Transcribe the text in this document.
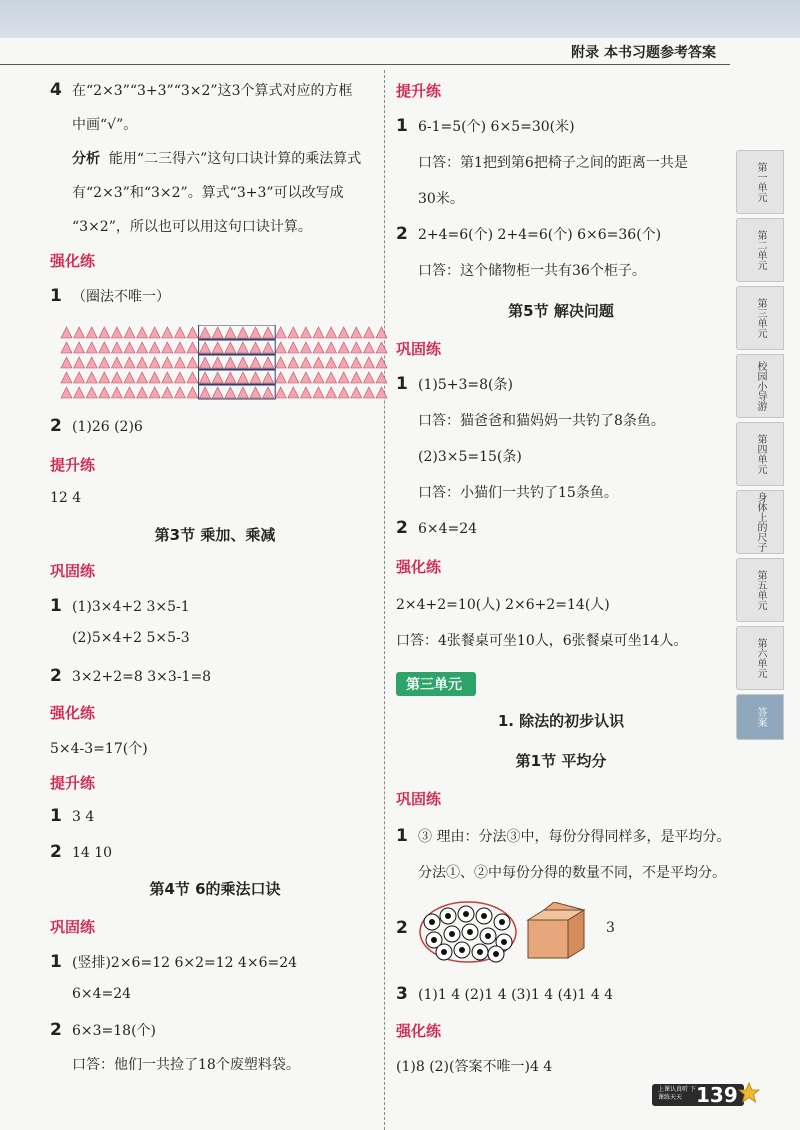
附录 本书习题参考答案
4 在“2×3”“3+3”“3×2”这3个算式对应的方框
中画“√”。
分析 能用“二三得六”这句口诀计算的乘法算式
有“2×3”和“3×2”。算式“3+3”可以改写成
“3×2”，所以也可以用这句口诀计算。
强化练
1 （圈法不唯一）
2 (1)26 (2)6
提升练
12 4
第3节 乘加、乘减
巩固练
1 (1)3×4+2 3×5-1
(2)5×4+2 5×5-3
2 3×2+2=8 3×3-1=8
强化练
5×4-3=17(个)
提升练
1 3 4
2 14 10
第4节 6的乘法口诀
巩固练
1 (竖排)2×6=12 6×2=12 4×6=24
6×4=24
2 6×3=18(个)
口答：他们一共捡了18个废塑料袋。
提升练
1 6-1=5(个) 6×5=30(米)
口答：第1把到第6把椅子之间的距离一共是
30米。
2 2+4=6(个) 2+4=6(个) 6×6=36(个)
口答：这个储物柜一共有36个柜子。
第5节 解决问题
巩固练
1 (1)5+3=8(条)
口答：猫爸爸和猫妈妈一共钓了8条鱼。
(2)3×5=15(条)
口答：小猫们一共钓了15条鱼。
2 6×4=24
强化练
2×4+2=10(人) 2×6+2=14(人)
口答：4张餐桌可坐10人，6张餐桌可坐14人。
第三单元
1. 除法的初步认识
第1节 平均分
巩固练
1 ③ 理由：分法③中，每份分得同样多，是平均分。
分法①、②中每份分得的数量不同，不是平均分。
2	3
3 (1)1 4 (2)1 4 (3)1 4 (4)1 4 4
强化练
(1)8 (2)(答案不唯一)4 4
第一单元
第二单元
第三单元
校园小导游
第四单元
身体上的尺子
第五单元
第六单元
答案
上课认真听 下课练天天 139
